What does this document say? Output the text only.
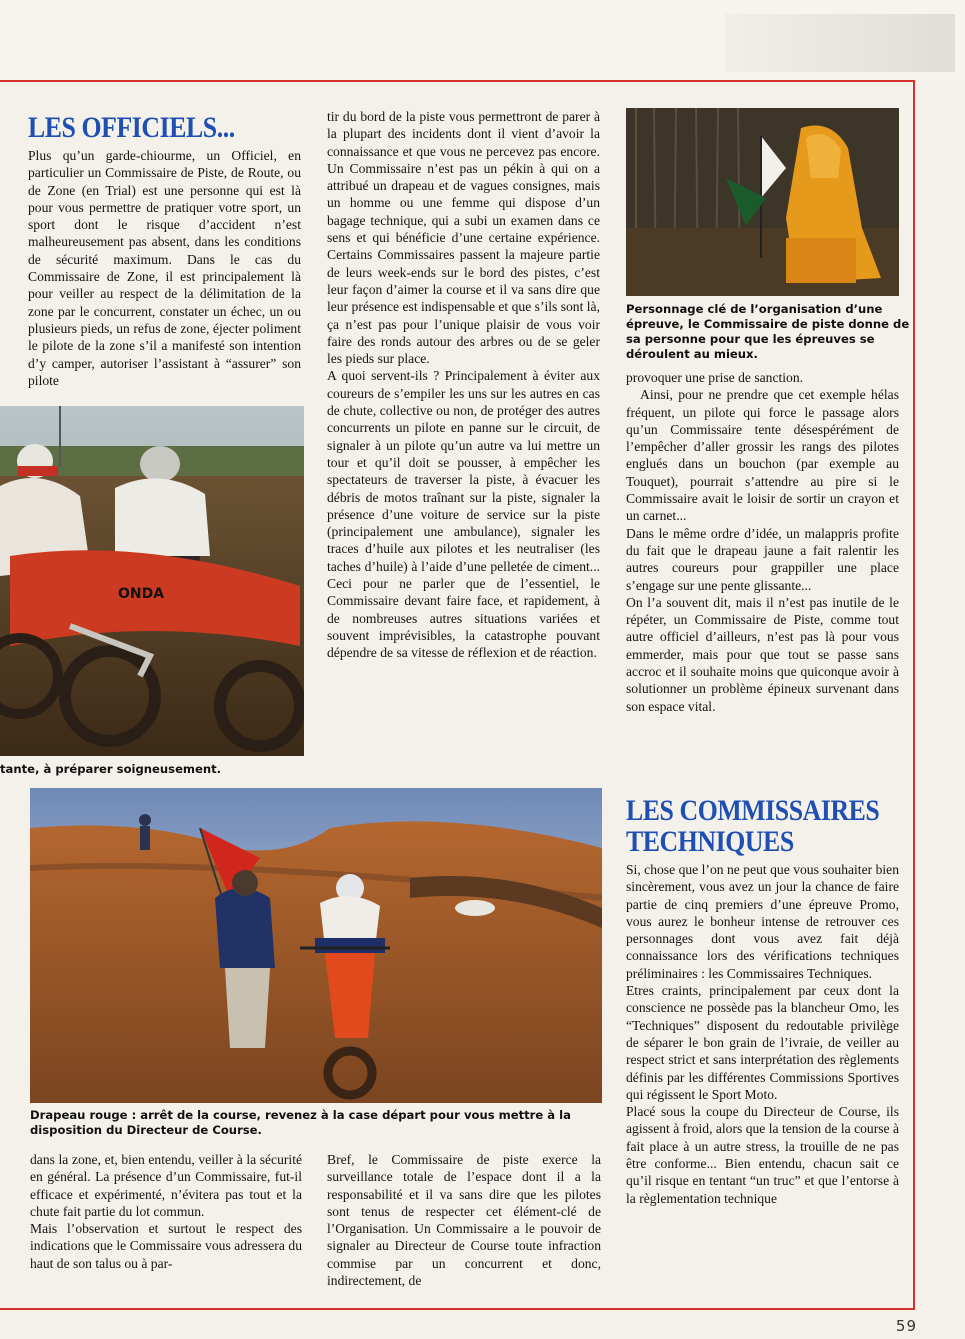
LES OFFICIELS...

Plus qu’un garde-chiourme, un Officiel, en particulier un Commissaire de Piste, de Route, ou de Zone (en Trial) est une personne qui est là pour vous permettre de pratiquer votre sport, un sport dont le risque d’accident n’est malheureusement pas absent, dans les conditions de sécurité maximum. Dans le cas du Commissaire de Zone, il est principalement là pour veiller au respect de la délimitation de la zone par le concurrent, constater un échec, un ou plusieurs pieds, un refus de zone, éjecter poliment le pilote de la zone s’il a manifesté son intention d’y camper, autoriser l’assistant à “assurer” son pilote

ONDA
tante, à préparer soigneusement.

tir du bord de la piste vous permettront de parer à la plupart des incidents dont il vient d’avoir la connaissance et que vous ne percevez pas encore. Un Commissaire n’est pas un pékin à qui on a attribué un drapeau et de vagues consignes, mais un homme ou une femme qui dispose d’un bagage technique, qui a subi un examen dans ce sens et qui bénéficie d’une certaine expérience. Certains Commissaires passent la majeure partie de leurs week-ends sur le bord des pistes, c’est leur façon d’aimer la course et il va sans dire que leur présence est indispensable et que s’ils sont là, ça n’est pas pour l’unique plaisir de vous voir faire des ronds autour des arbres ou de se geler les pieds sur place.

A quoi servent-ils ? Principalement à éviter aux coureurs de s’empiler les uns sur les autres en cas de chute, collective ou non, de protéger des autres concurrents un pilote en panne sur le circuit, de signaler à un pilote qu’un autre va lui mettre un tour et qu’il doit se pousser, à empêcher les spectateurs de traverser la piste, à évacuer les débris de motos traînant sur la piste, signaler la présence d’une voiture de service sur la piste (principalement une ambulance), signaler les traces d’huile aux pilotes et les neutraliser (les taches d’huile) à l’aide d’une pelletée de ciment... Ceci pour ne parler que de l’essentiel, le Commissaire devant faire face, et rapidement, à de nombreuses autres situations variées et souvent imprévisibles, la catastrophe pouvant dépendre de sa vitesse de réflexion et de réaction.

Personnage clé de l’organisation d’une épreuve, le Commissaire de piste donne de sa personne pour que les épreuves se déroulent au mieux.

provoquer une prise de sanction.

Ainsi, pour ne prendre que cet exemple hélas fréquent, un pilote qui force le passage alors qu’un Commissaire tente désespérément de l’empêcher d’aller grossir les rangs des pilotes englués dans un bouchon (par exemple au Touquet), pourrait s’attendre au pire si le Commissaire avait le loisir de sortir un crayon et un carnet...

Dans le même ordre d’idée, un malappris profite du fait que le drapeau jaune a fait ralentir les autres coureurs pour grappiller une place s’engage sur une pente glissante...

On l’a souvent dit, mais il n’est pas inutile de le répéter, un Commissaire de Piste, comme tout autre officiel d’ailleurs, n’est pas là pour vous emmerder, mais pour que tout se passe sans accroc et il souhaite moins que quiconque avoir à solutionner un problème épineux survenant dans son espace vital.

LES COMMISSAIRES
TECHNIQUES

Si, chose que l’on ne peut que vous souhaiter bien sincèrement, vous avez un jour la chance de faire partie de cinq premiers d’une épreuve Promo, vous aurez le bonheur intense de retrouver ces personnages dont vous avez fait déjà connaissance lors des vérifications techniques préliminaires : les Commissaires Techniques.

Etres craints, principalement par ceux dont la conscience ne possède pas la blancheur Omo, les “Techniques” disposent du redoutable privilège de séparer le bon grain de l’ivraie, de veiller au respect strict et sans interprétation des règlements définis par les différentes Commissions Sportives qui régissent le Sport Moto.

Placé sous la coupe du Directeur de Course, ils agissent à froid, alors que la tension de la course à fait place à un autre stress, la trouille de ne pas être conforme... Bien entendu, chacun sait ce qu’il risque en tentant “un truc” et que l’entorse à la règlementation technique

Drapeau rouge : arrêt de la course, revenez à la case départ pour vous mettre à la disposition du Directeur de Course.

dans la zone, et, bien entendu, veiller à la sécurité en général. La présence d’un Commissaire, fut-il efficace et expérimenté, n’évitera pas tout et la chute fait partie du lot commun.

Mais l’observation et surtout le respect des indications que le Commissaire vous adressera du haut de son talus ou à par-

Bref, le Commissaire de piste exerce la surveillance totale de l’espace dont il a la responsabilité et il va sans dire que les pilotes sont tenus de respecter cet élément-clé de l’Organisation. Un Commissaire a le pouvoir de signaler au Directeur de Course toute infraction commise par un concurrent et donc, indirectement, de

59
